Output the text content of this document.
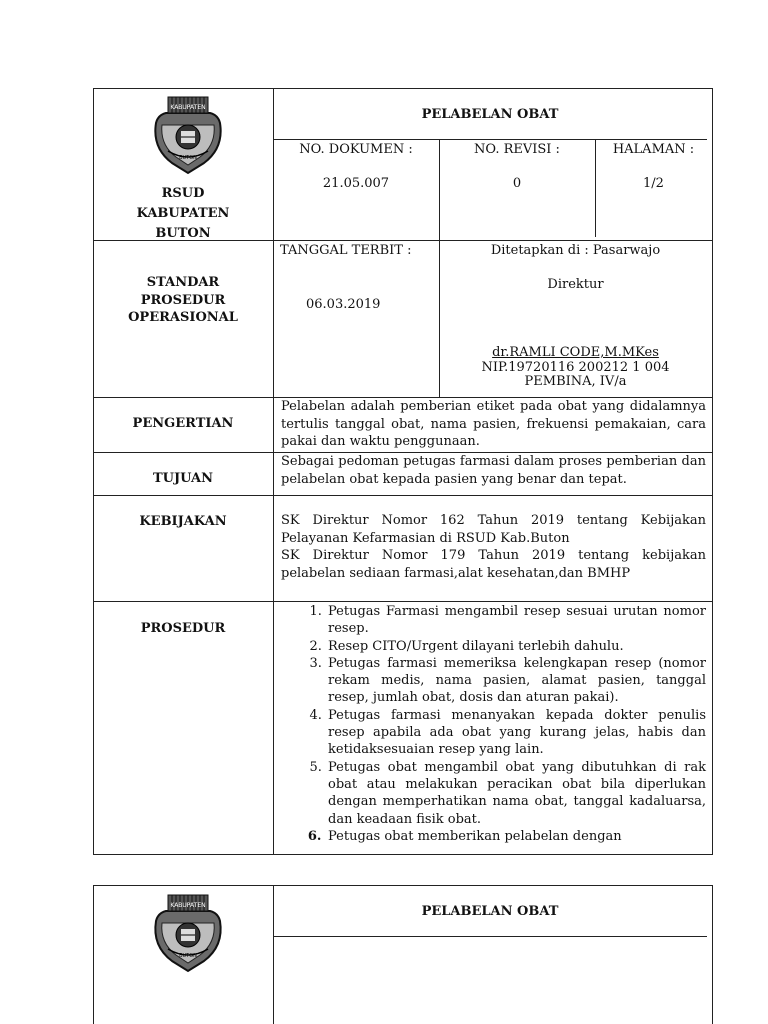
KABUPATEN
BUTON
PELABELAN OBAT
RSUD
KABUPATEN
BUTON
NO. DOKUMEN :
21.05.007
NO. REVISI :
0
HALAMAN :
1/2
STANDAR
PROSEDUR
OPERASIONAL
TANGGAL TERBIT :
06.03.2019
Ditetapkan di : Pasarwajo
Direktur
dr.RAMLI CODE,M.MKes
NIP.19720116 200212 1 004
PEMBINA, IV/a
PENGERTIAN
Pelabelan adalah pemberian etiket pada obat yang didalamnya tertulis tanggal obat, nama pasien, frekuensi pemakaian, cara pakai dan waktu penggunaan.
TUJUAN
Sebagai pedoman petugas farmasi dalam proses pemberian dan pelabelan obat kepada pasien yang benar dan tepat.
KEBIJAKAN	SK Direktur Nomor 162 Tahun 2019 tentang Kebijakan Pelayanan Kefarmasian di RSUD Kab.Buton
SK Direktur Nomor 179 Tahun 2019 tentang kebijakan pelabelan sediaan farmasi,alat kesehatan,dan BMHP
PROSEDUR
1. Petugas Farmasi mengambil resep sesuai urutan nomor resep.
2. Resep CITO/Urgent dilayani terlebih dahulu.
3. Petugas farmasi memeriksa kelengkapan resep (nomor rekam medis, nama pasien, alamat pasien, tanggal resep, jumlah obat, dosis dan aturan pakai).
4. Petugas farmasi menanyakan kepada dokter penulis resep apabila ada obat yang kurang jelas, habis dan ketidaksesuaian resep yang lain.
5. Petugas obat mengambil obat yang dibutuhkan di rak obat atau melakukan peracikan obat bila diperlukan dengan memperhatikan nama obat, tanggal kadaluarsa, dan keadaan fisik obat.
6. Petugas obat memberikan pelabelan dengan
KABUPATEN
BUTON
PELABELAN OBAT
